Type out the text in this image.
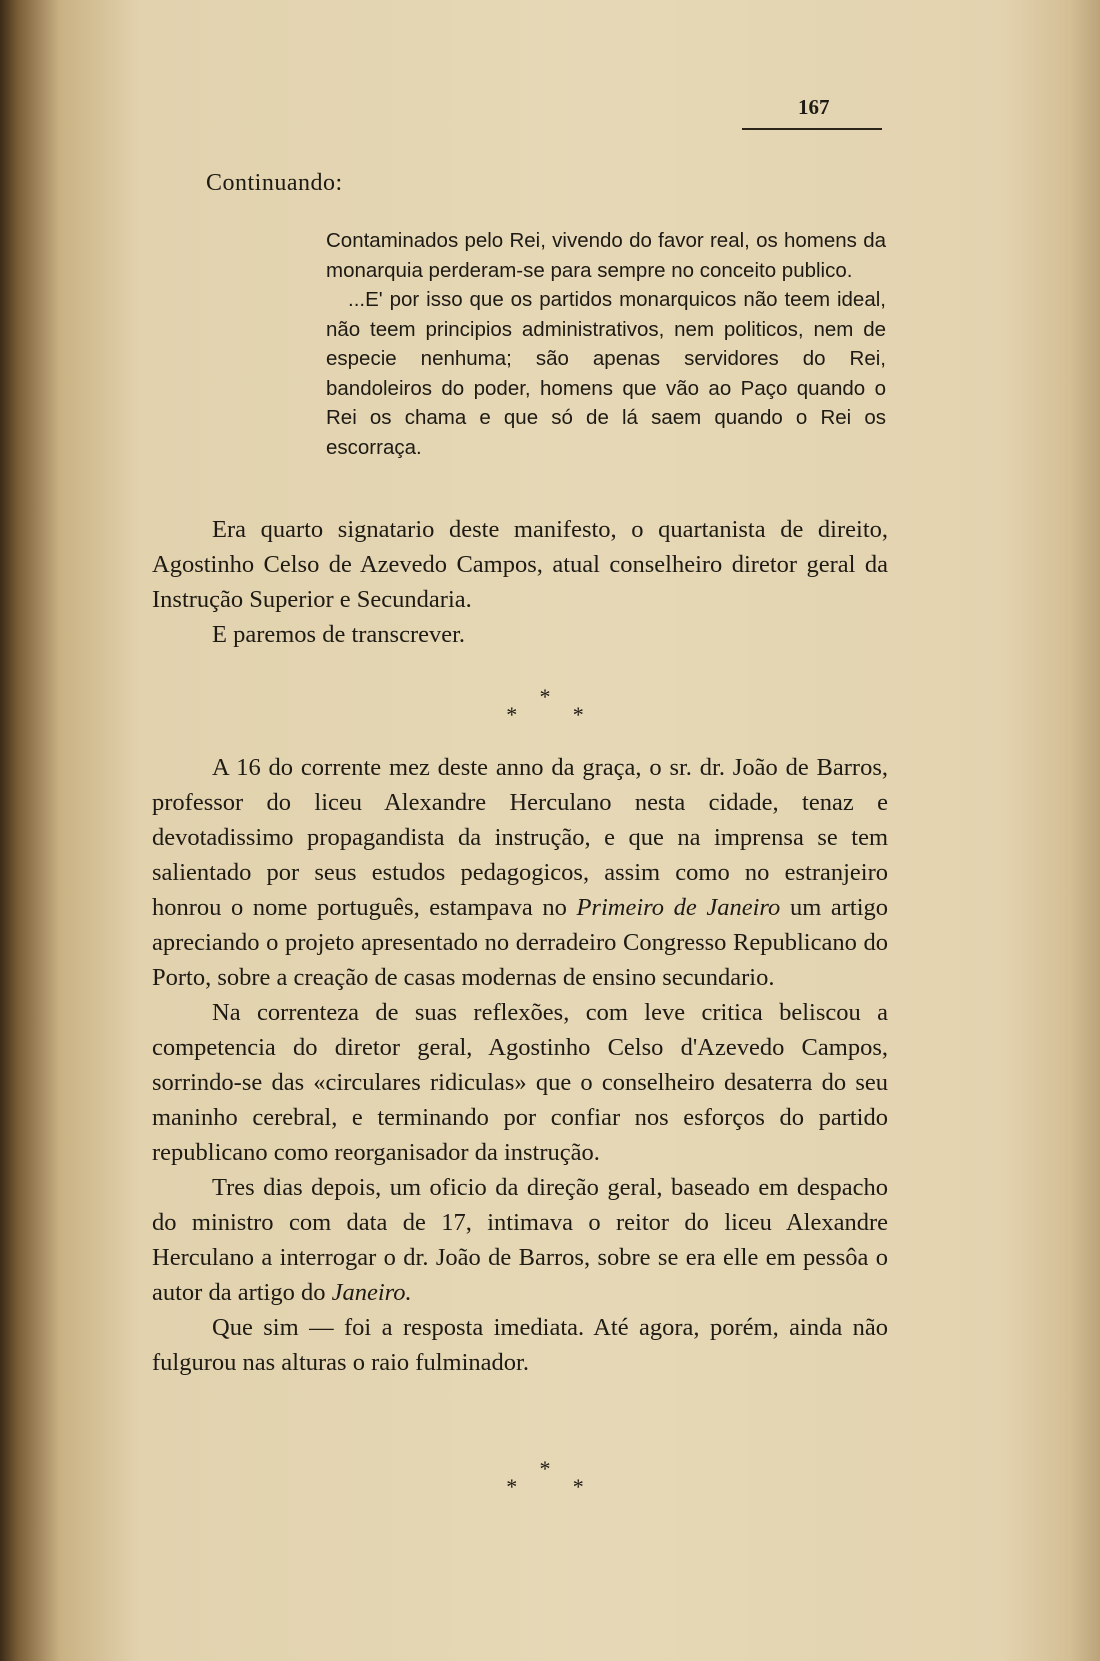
167
Continuando:

Contaminados pelo Rei, vivendo do favor real, os homens da monarquia perderam-se para sempre no conceito publico.

...E' por isso que os partidos monarquicos não teem ideal, não teem principios administrativos, nem politicos, nem de especie nenhuma; são apenas servidores do Rei, bandoleiros do poder, homens que vão ao Paço quando o Rei os chama e que só de lá saem quando o Rei os escorraça.

Era quarto signatario deste manifesto, o quartanista de direito, Agostinho Celso de Azevedo Campos, atual conselheiro diretor geral da Instrução Superior e Secundaria.

E paremos de transcrever.

*
* *

A 16 do corrente mez deste anno da graça, o sr. dr. João de Barros, professor do liceu Alexandre Herculano nesta cidade, tenaz e devotadissimo propagandista da instrução, e que na imprensa se tem salientado por seus estudos pedagogicos, assim como no estranjeiro honrou o nome português, estampava no Primeiro de Janeiro um artigo apreciando o projeto apresentado no derradeiro Congresso Republicano do Porto, sobre a creação de casas modernas de ensino secundario.

Na correnteza de suas reflexões, com leve critica beliscou a competencia do diretor geral, Agostinho Celso d'Azevedo Campos, sorrindo-se das «circulares ridiculas» que o conselheiro desaterra do seu maninho cerebral, e terminando por confiar nos esforços do partido republicano como reorganisador da instrução.

Tres dias depois, um oficio da direção geral, baseado em despacho do ministro com data de 17, intimava o reitor do liceu Alexandre Herculano a interrogar o dr. João de Barros, sobre se era elle em pessôa o autor da artigo do Janeiro.

Que sim — foi a resposta imediata. Até agora, porém, ainda não fulgurou nas alturas o raio fulminador.

*
* *
